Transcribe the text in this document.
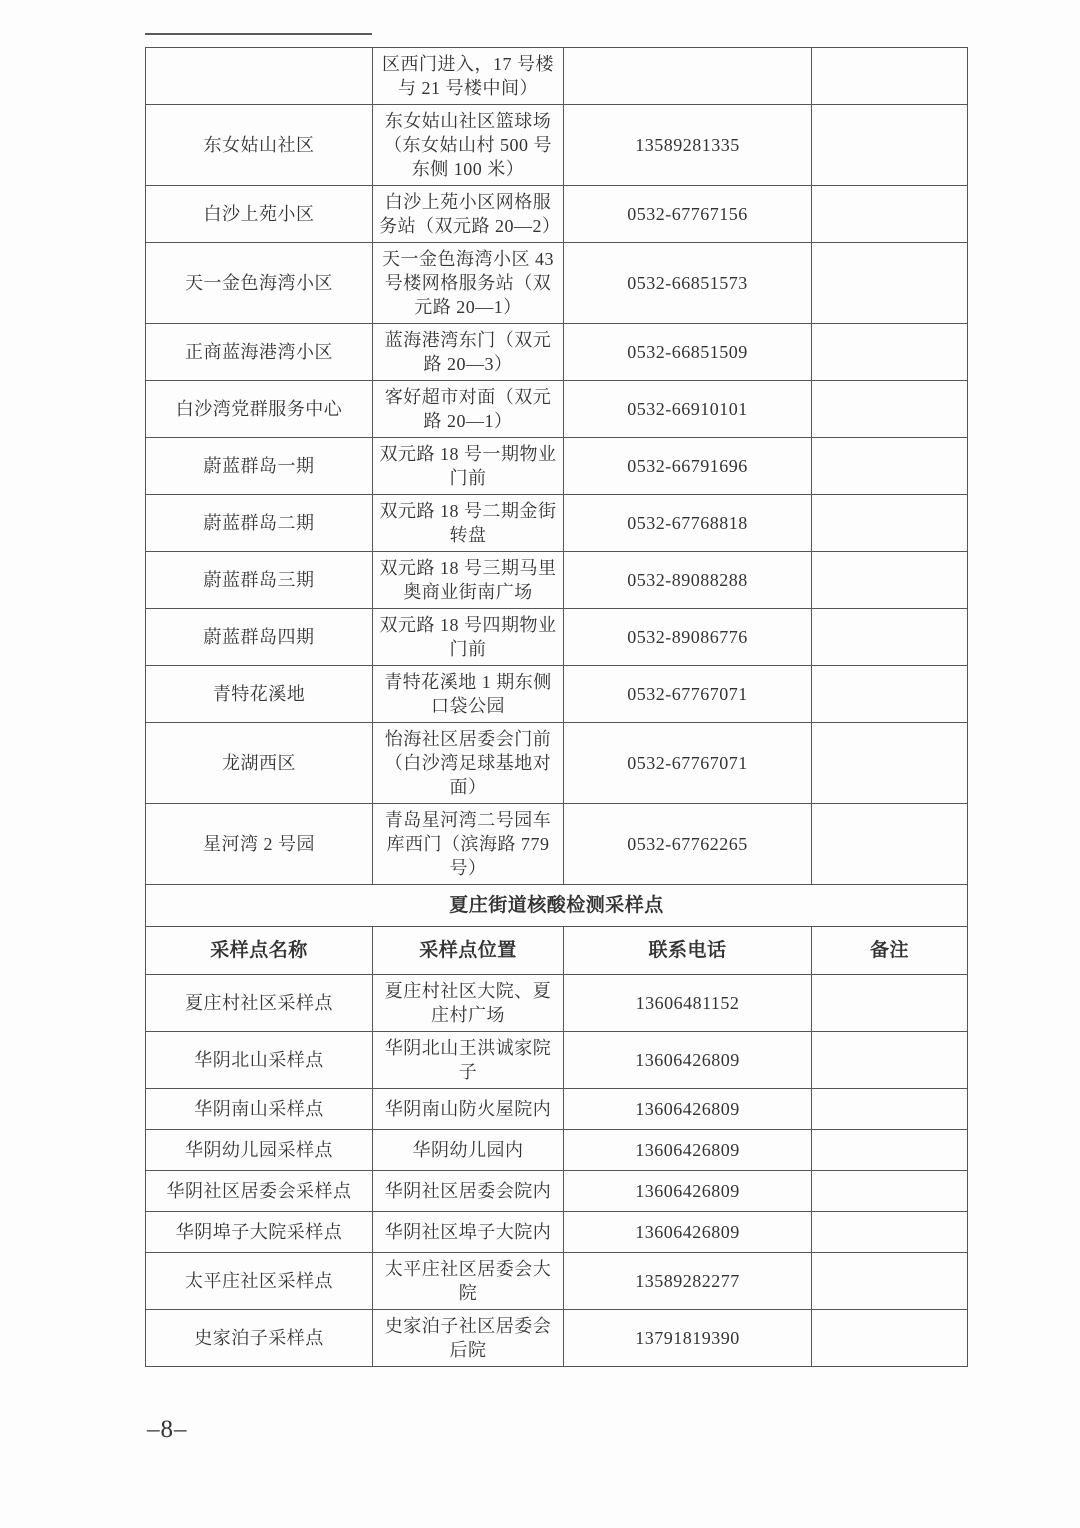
	区西门进入，17 号楼与 21 号楼中间）		
东女姑山社区	东女姑山社区篮球场（东女姑山村 500 号东侧 100 米）	13589281335	
白沙上苑小区	白沙上苑小区网格服务站（双元路 20—2）	0532-67767156	
天一金色海湾小区	天一金色海湾小区 43 号楼网格服务站（双元路 20—1）	0532-66851573	
正商蓝海港湾小区	蓝海港湾东门（双元路 20—3）	0532-66851509	
白沙湾党群服务中心	客好超市对面（双元路 20—1）	0532-66910101	
蔚蓝群岛一期	双元路 18 号一期物业门前	0532-66791696	
蔚蓝群岛二期	双元路 18 号二期金街转盘	0532-67768818	
蔚蓝群岛三期	双元路 18 号三期马里奥商业街南广场	0532-89088288	
蔚蓝群岛四期	双元路 18 号四期物业门前	0532-89086776	
青特花溪地	青特花溪地 1 期东侧口袋公园	0532-67767071	
龙湖西区	怡海社区居委会门前（白沙湾足球基地对面）	0532-67767071	
星河湾 2 号园	青岛星河湾二号园车库西门（滨海路 779 号）	0532-67762265	
夏庄街道核酸检测采样点			
采样点名称	采样点位置	联系电话	备注
夏庄村社区采样点	夏庄村社区大院、夏庄村广场	13606481152	
华阴北山采样点	华阴北山王洪诚家院子	13606426809	
华阴南山采样点	华阴南山防火屋院内	13606426809	
华阴幼儿园采样点	华阴幼儿园内	13606426809	
华阴社区居委会采样点	华阴社区居委会院内	13606426809	
华阴埠子大院采样点	华阴社区埠子大院内	13606426809	
太平庄社区采样点	太平庄社区居委会大院	13589282277	
史家泊子采样点	史家泊子社区居委会后院	13791819390	
–8–
